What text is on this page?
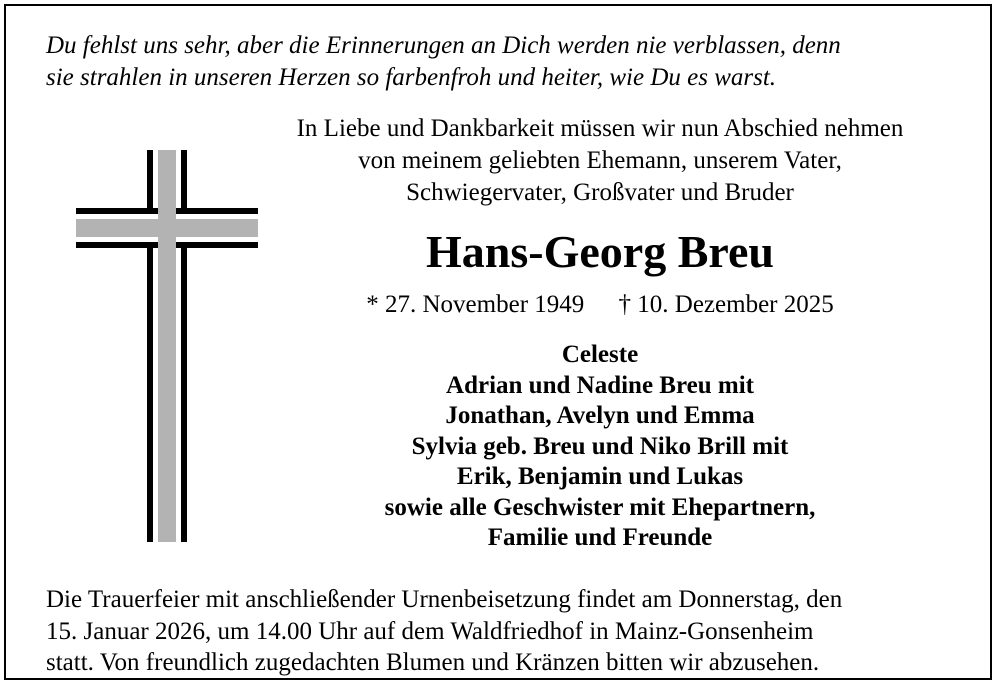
Du fehlst uns sehr, aber die Erinnerungen an Dich werden nie verblassen, denn
sie strahlen in unseren Herzen so farbenfroh und heiter, wie Du es warst.
In Liebe und Dankbarkeit müssen wir nun Abschied nehmen
von meinem geliebten Ehemann, unserem Vater,
Schwiegervater, Großvater und Bruder
Hans-Georg Breu
* 27. November 1949 † 10. Dezember 2025
Celeste
Adrian und Nadine Breu mit
Jonathan, Avelyn und Emma
Sylvia geb. Breu und Niko Brill mit
Erik, Benjamin und Lukas
sowie alle Geschwister mit Ehepartnern,
Familie und Freunde
Die Trauerfeier mit anschließender Urnenbeisetzung findet am Donnerstag, den
15. Januar 2026, um 14.00 Uhr auf dem Waldfriedhof in Mainz-Gonsenheim
statt. Von freundlich zugedachten Blumen und Kränzen bitten wir abzusehen.
